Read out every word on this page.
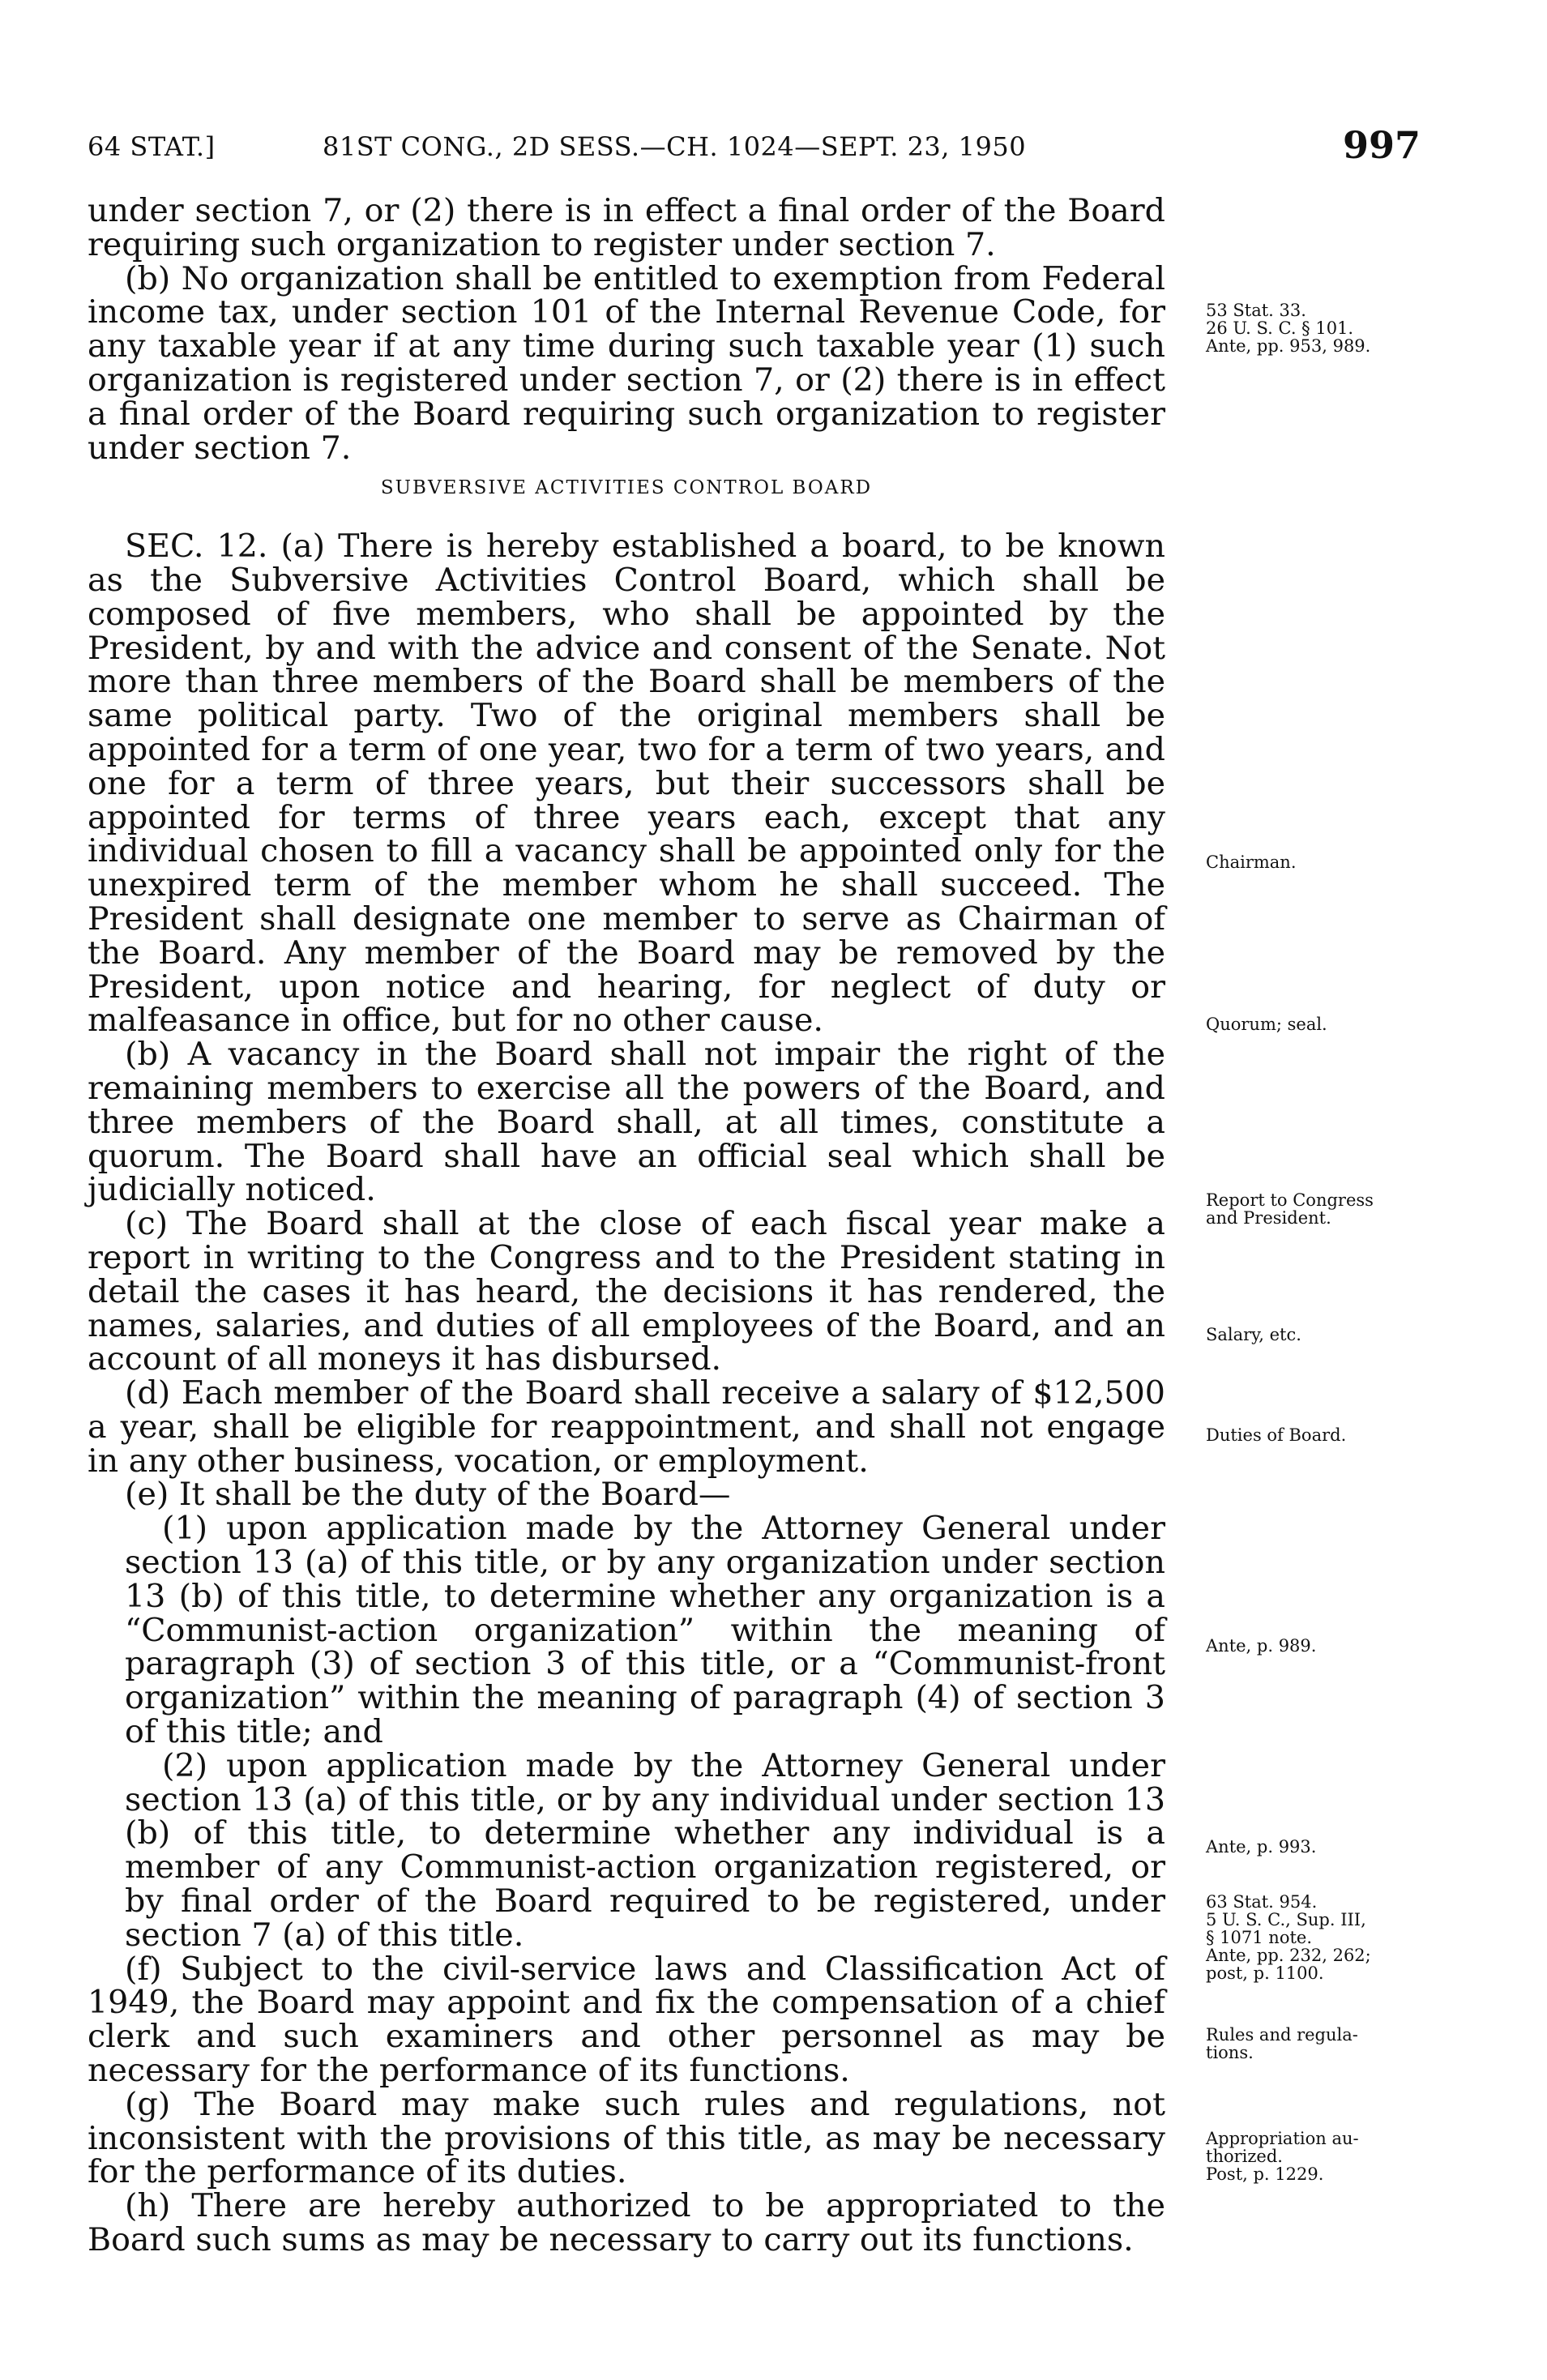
64 STAT.]	81ST CONG., 2D SESS.—CH. 1024—SEPT. 23, 1950	997

under section 7, or (2) there is in effect a final order of the Board requiring such organization to register under section 7.

(b) No organization shall be entitled to exemption from Federal income tax, under section 101 of the Internal Revenue Code, for any taxable year if at any time during such taxable year (1) such organization is registered under section 7, or (2) there is in effect a final order of the Board requiring such organization to register under section 7.

SUBVERSIVE ACTIVITIES CONTROL BOARD

SEC. 12. (a) There is hereby established a board, to be known as the Subversive Activities Control Board, which shall be composed of five members, who shall be appointed by the President, by and with the advice and consent of the Senate. Not more than three members of the Board shall be members of the same political party. Two of the original members shall be appointed for a term of one year, two for a term of two years, and one for a term of three years, but their successors shall be appointed for terms of three years each, except that any individual chosen to fill a vacancy shall be appointed only for the unexpired term of the member whom he shall succeed. The President shall designate one member to serve as Chairman of the Board. Any member of the Board may be removed by the President, upon notice and hearing, for neglect of duty or malfeasance in office, but for no other cause.

(b) A vacancy in the Board shall not impair the right of the remaining members to exercise all the powers of the Board, and three members of the Board shall, at all times, constitute a quorum. The Board shall have an official seal which shall be judicially noticed.

(c) The Board shall at the close of each fiscal year make a report in writing to the Congress and to the President stating in detail the cases it has heard, the decisions it has rendered, the names, salaries, and duties of all employees of the Board, and an account of all moneys it has disbursed.

(d) Each member of the Board shall receive a salary of $12,500 a year, shall be eligible for reappointment, and shall not engage in any other business, vocation, or employment.

(e) It shall be the duty of the Board—

(1) upon application made by the Attorney General under section 13 (a) of this title, or by any organization under section 13 (b) of this title, to determine whether any organization is a “Communist-action organization” within the meaning of paragraph (3) of section 3 of this title, or a “Communist-front organization” within the meaning of paragraph (4) of section 3 of this title; and

(2) upon application made by the Attorney General under section 13 (a) of this title, or by any individual under section 13 (b) of this title, to determine whether any individual is a member of any Communist-action organization registered, or by final order of the Board required to be registered, under section 7 (a) of this title.

(f) Subject to the civil-service laws and Classification Act of 1949, the Board may appoint and fix the compensation of a chief clerk and such examiners and other personnel as may be necessary for the performance of its functions.

(g) The Board may make such rules and regulations, not inconsistent with the provisions of this title, as may be necessary for the performance of its duties.

(h) There are hereby authorized to be appropriated to the Board such sums as may be necessary to carry out its functions.

53 Stat. 33.
26 U. S. C. § 101.
Ante, pp. 953, 989.
Chairman.
Quorum; seal.
Report to Congress
and President.
Salary, etc.
Duties of Board.
Ante, p. 989.
Ante, p. 993.
63 Stat. 954.
5 U. S. C., Sup. III,
§ 1071 note.
Ante, pp. 232, 262;
post, p. 1100.
Rules and regula-
tions.
Appropriation au-
thorized.
Post, p. 1229.
